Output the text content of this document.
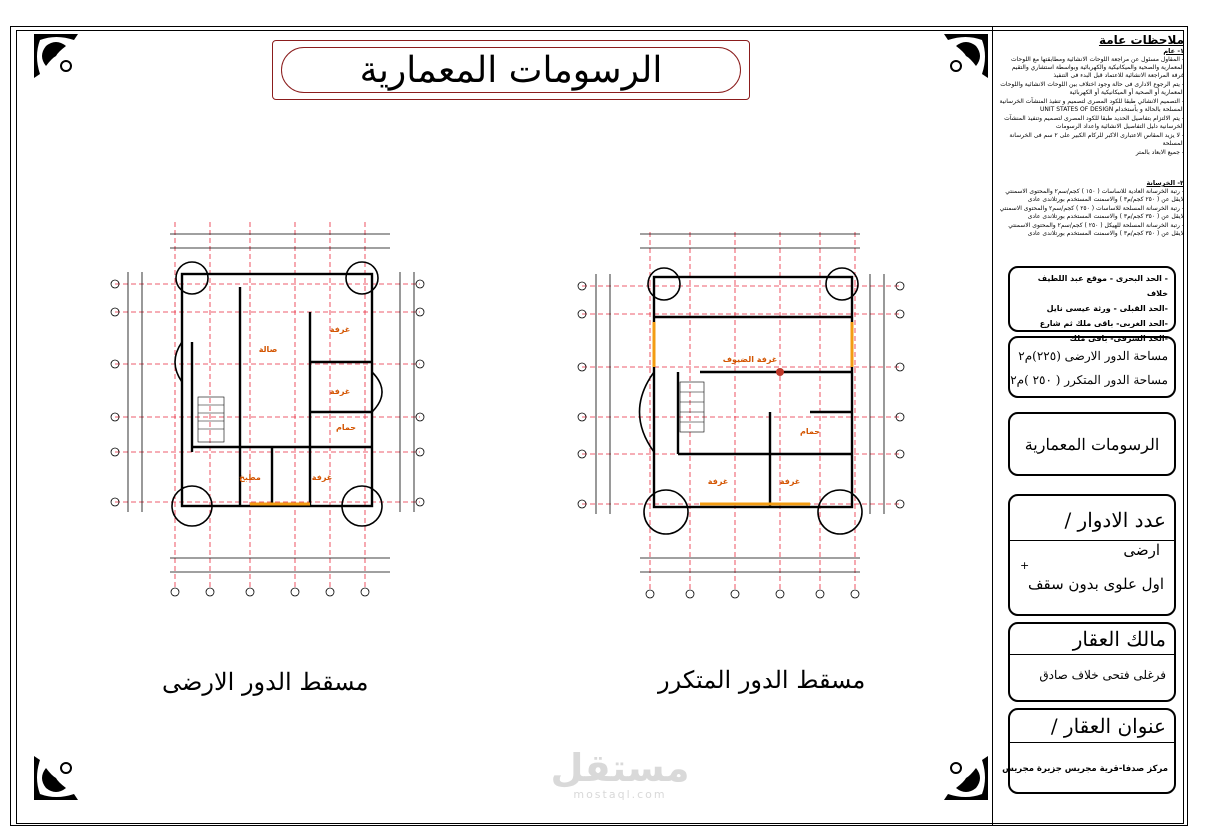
الرسومات المعمارية
صالة
غرفة
غرفة
حمام
مطبخ	غرفة
غرفة الضيوف
حمام
غرفة	غرفة
مسقط الدور الارضى	مسقط الدور المتكرر
مستقل
mostaql.com
ملاحظات عامة
١- عام

- المقاول مسئول عن مراجعة اللوحات الانشائية ومطابقتها مع اللوحات المعمارية والصحية والميكانيكية والكهربائية وبواسطة استشاري والتقيم غرفة المراجعة الانشائية للاعتماد قبل البدء فى التنفيذ

- يتم الرجوع الادارى فى حالة وجود اختلاف بين اللوحات الانشائية واللوحات المعمارية أو الصحية أو الميكانيكية أو الكهربائية

- التصميم الانشائي طبقا للكود المصرى لتصميم و تنفيذ المنشآت الخرسانية المسلحة بالحالة و بأستخدام UNIT STATES OF DESIGN

- يتم الالتزام بتفاصيل الحديد طبقا للكود المصرى لتصميم وتنفيذ المنشآت الخرسانية دليل التفاصيل الانشائية واعداد الرسومات

- لا يزيد المقاس الاعتبارى الاكبر للركام الكبير على ٢ سم فى الخرسانة المسلحة

- جميع الابعاد بالمتر

٢- الخرسانة

- رتبة الخرسانة العادية للاساسات ( ١٥٠ ) كجم/سم٢ والمحتوى الاسمنتي لايقل عن ( ٢٥٠ كجم/م٣ ) والاسمنت المستخدم بورتلاندى عادى

- رتبة الخرسانة المسلحة للاساسات ( ٢٥٠ ) كجم/سم٢ والمحتوى الاسمنتي لايقل عن ( ٣٥٠ كجم/م٣ ) والاسمنت المستخدم بورتلاندى عادى

- رتبة الخرسانة المسلحة للهيكل ( ٢٥٠ ) كجم/سم٢ والمحتوى الاسمنتي لايقل عن ( ٣٥٠ كجم/م٣ ) والاسمنت المستخدم بورتلاندى عادى

- الحد البحرى - موقع عبد اللطيف خلاف
-الحد القبلى - ورثة عيسى نايل
-الحد الغربى- باقى ملك ثم شارع
-الحد الشرقى- باقى ملك
مساحة الدور الارضى (٢٢٥)م٢
مساحة الدور المتكرر ( ٢٥٠ )م٢
الرسومات المعمارية
عدد الادوار /
ارضى
+
اول علوى بدون سقف
مالك العقار
فرغلى فتحى خلاف صادق
عنوان العقار /
مركز صدفا-قرية مجريس جزيرة مجريس
